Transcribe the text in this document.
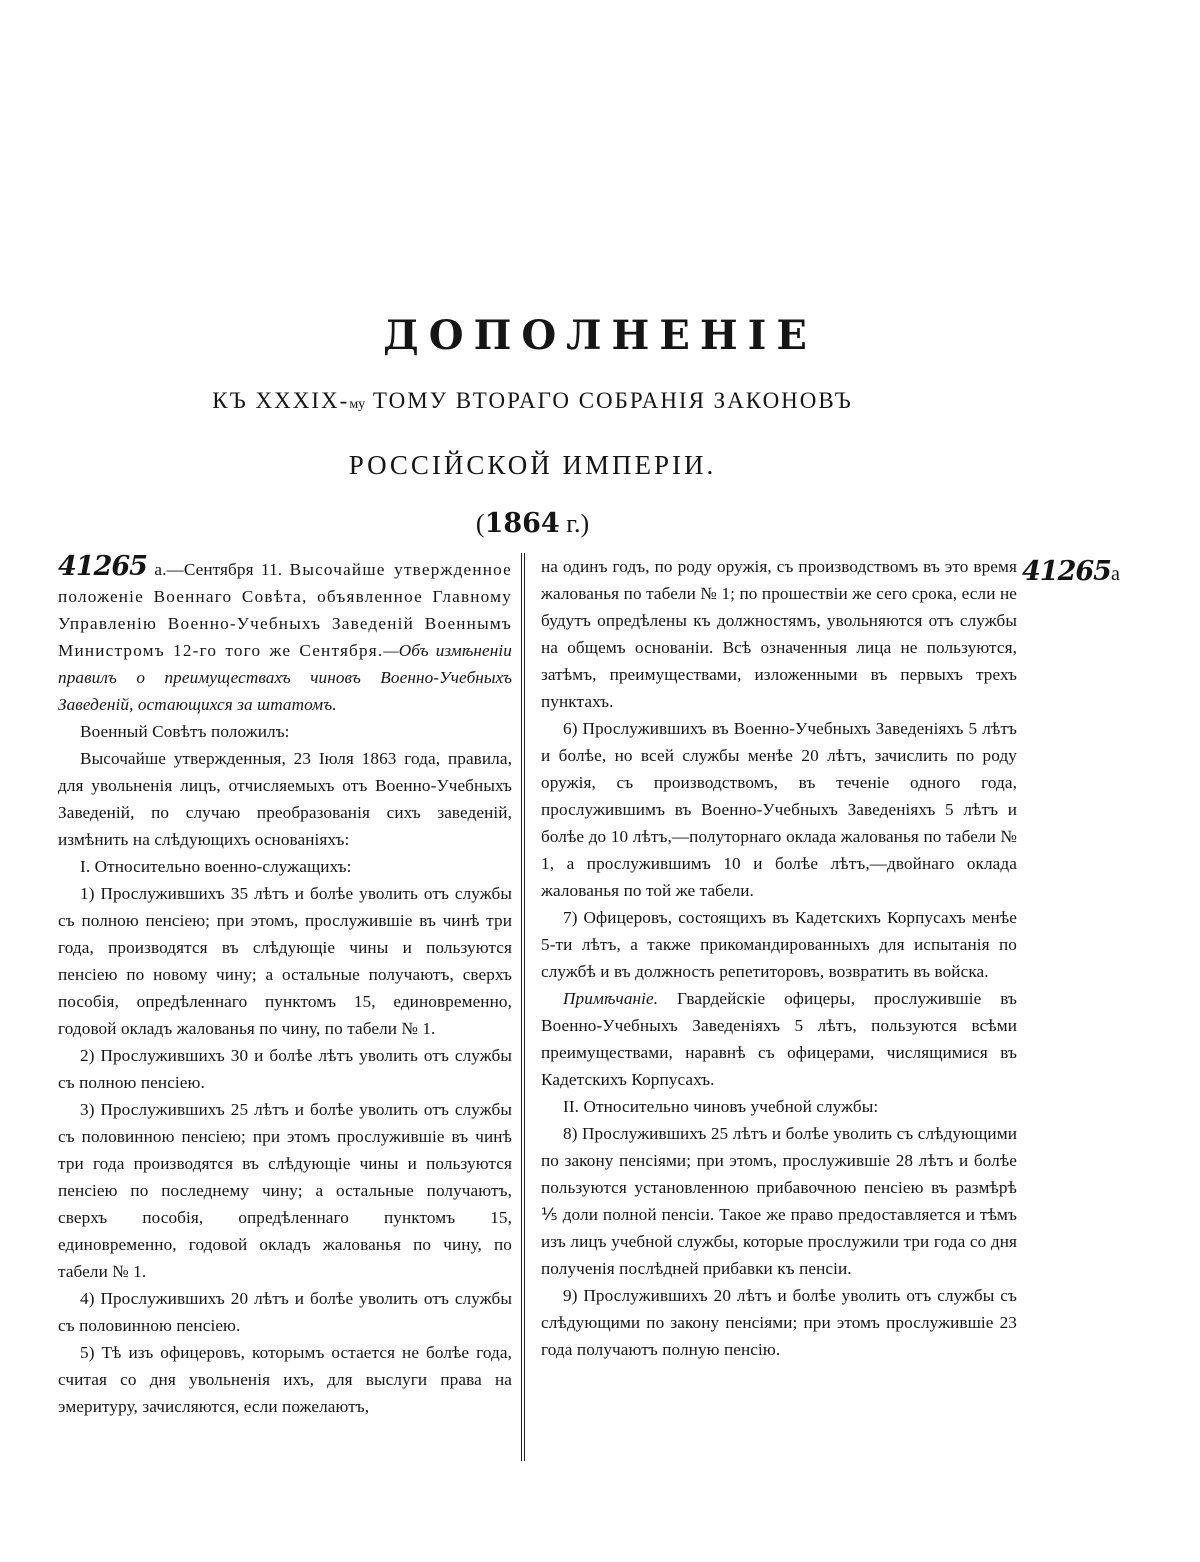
ДОПОЛНЕНІЕ
КЪ XXXIX-му ТОМУ ВТОРАГО СОБРАНІЯ ЗАКОНОВЪ
РОССІЙСКОЙ ИМПЕРІИ.
(1864 г.)

41265 а.—Сентября 11. Высочайше утвержденное положеніе Военнаго Совѣта, объявленное Главному Управленію Военно-Учебныхъ Заведеній Военнымъ Министромъ 12-го того же Сентября.—Объ измѣненіи правилъ о преимуществахъ чиновъ Военно-Учебныхъ Заведеній, остающихся за штатомъ.

Военный Совѣтъ положилъ:

Высочайше утвержденныя, 23 Іюля 1863 года, правила, для увольненія лицъ, отчисляемыхъ отъ Военно-Учебныхъ Заведеній, по случаю преобразованія сихъ заведеній, измѣнить на слѣдующихъ основаніяхъ:

I. Относительно военно-служащихъ:

1) Прослужившихъ 35 лѣтъ и болѣе уволить отъ службы съ полною пенсіею; при этомъ, прослужившіе въ чинѣ три года, производятся въ слѣдующіе чины и пользуются пенсіею по новому чину; а остальные получаютъ, сверхъ пособія, опредѣленнаго пунктомъ 15, единовременно, годовой окладъ жалованья по чину, по табели № 1.

2) Прослужившихъ 30 и болѣе лѣтъ уволить отъ службы съ полною пенсіею.

3) Прослужившихъ 25 лѣтъ и болѣе уволить отъ службы съ половинною пенсіею; при этомъ прослужившіе въ чинѣ три года производятся въ слѣдующіе чины и пользуются пенсіею по последнему чину; а остальные получаютъ, сверхъ пособія, опредѣленнаго пунктомъ 15, единовременно, годовой окладъ жалованья по чину, по табели № 1.

4) Прослужившихъ 20 лѣтъ и болѣе уволить отъ службы съ половинною пенсіею.

5) Тѣ изъ офицеровъ, которымъ остается не болѣе года, считая со дня увольненія ихъ, для выслуги права на эмеритуру, зачисляются, если пожелаютъ,

на одинъ годъ, по роду оружія, съ производствомъ въ это время жалованья по табели № 1; по прошествіи же сего срока, если не будутъ опредѣлены къ должностямъ, увольняются отъ службы на общемъ основаніи. Всѣ означенныя лица не пользуются, затѣмъ, преимуществами, изложенными въ первыхъ трехъ пунктахъ.

6) Прослужившихъ въ Военно-Учебныхъ Заведеніяхъ 5 лѣтъ и болѣе, но всей службы менѣе 20 лѣтъ, зачислить по роду оружія, съ производствомъ, въ теченіе одного года, прослужившимъ въ Военно-Учебныхъ Заведеніяхъ 5 лѣтъ и болѣе до 10 лѣтъ,—полуторнаго оклада жалованья по табели № 1, а прослужившимъ 10 и болѣе лѣтъ,—двойнаго оклада жалованья по той же табели.

7) Офицеровъ, состоящихъ въ Кадетскихъ Корпусахъ менѣе 5-ти лѣтъ, а также прикомандированныхъ для испытанія по службѣ и въ должность репетиторовъ, возвратить въ войска.

Примѣчаніе. Гвардейскіе офицеры, прослужившіе въ Военно-Учебныхъ Заведеніяхъ 5 лѣтъ, пользуются всѣми преимуществами, наравнѣ съ офицерами, числящимися въ Кадетскихъ Корпусахъ.

II. Относительно чиновъ учебной службы:

8) Прослужившихъ 25 лѣтъ и болѣе уволить съ слѣдующими по закону пенсіями; при этомъ, прослужившіе 28 лѣтъ и болѣе пользуются установленною прибавочною пенсіею въ размѣрѣ ⅕ доли полной пенсіи. Такое же право предоставляется и тѣмъ изъ лицъ учебной службы, которые прослужили три года со дня полученія послѣдней прибавки къ пенсіи.

9) Прослужившихъ 20 лѣтъ и болѣе уволить отъ службы съ слѣдующими по закону пенсіями; при этомъ прослужившіе 23 года получаютъ полную пенсію.

41265а
